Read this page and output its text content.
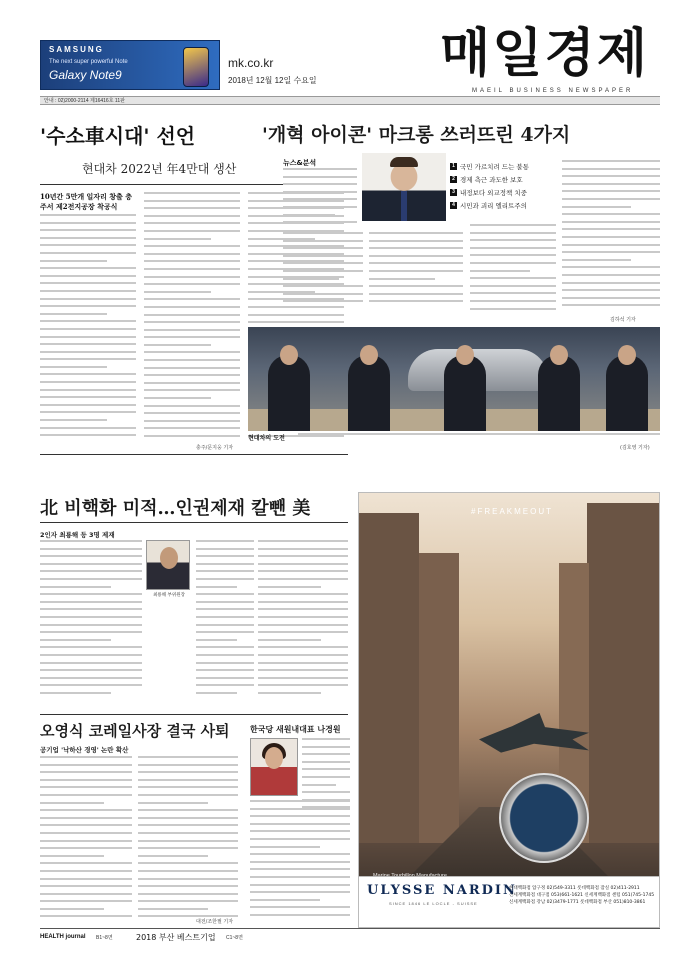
SAMSUNG
The next super powerful Note
Galaxy Note9
mk.co.kr
2018년 12월 12일 수요일 매일경제
MAEIL BUSINESS NEWSPAPER
안내 : 02)2000-2114 제16416호 11판
'수소車시대' 선언
현대차 2022년 年4만대 생산
10년간 5만개 일자리 창출 충주서 제2전지공장 착공식
충주/문지웅 기자
'개혁 아이콘' 마크롱 쓰러뜨린 4가지
뉴스&분석	1 국민 가르치려 드는 불통
2 경제 측근 과도한 보호
3 내정보다 외교정책 치중
4 시민과 괴리 엘리트주의
김하석 기자
현대차의 도전
(김호영 기자)
北 비핵화 미적…인권제재 칼뺀 美
2인자 최룡해 등 3명 제재
최룡해 부위원장
#FREAKMEOUT
ULYSSE NARDIN
SINCE 1846 LE LOCLE - SUISSE
현대백화점 압구정 02)549-3311 롯데백화점 잠실 02)411-2911
신세계백화점 대구점 053)661-1621 신세계백화점 센텀 051)745-1745
신세계백화점 강남 02)3479-1771 롯데백화점 부산 051)810-3861
오영식 코레일사장 결국 사퇴
공기업 '낙하산 경영' 논란 확산
대전/조한필 기자
한국당 새원내대표 나경원
HEALTH journal B1~8면	2018 부산 베스트기업 C1~8면
